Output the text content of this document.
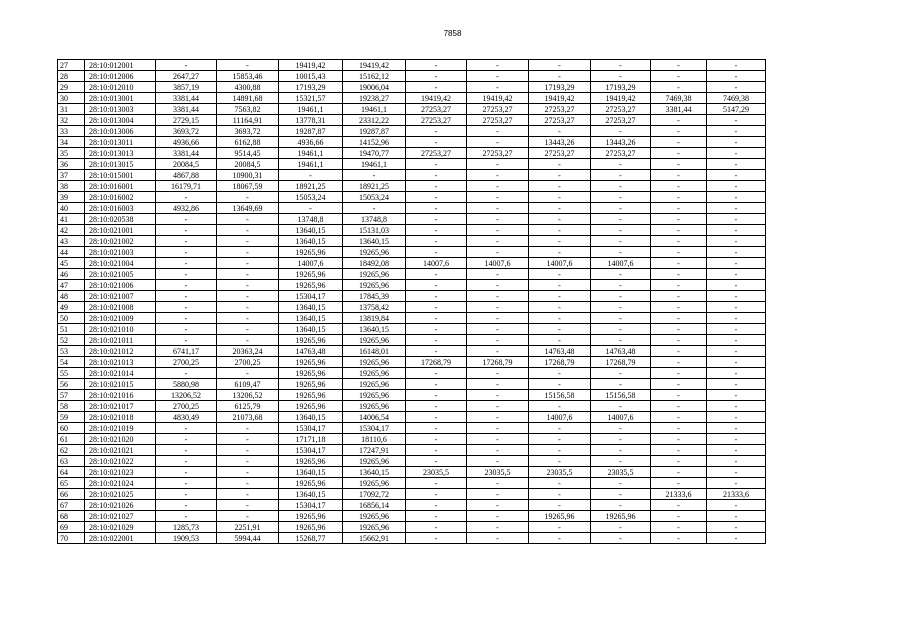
7858
27	28:10:012001	-	-	19419,42	19419,42	-	-	-	-	-	-
28	28:10:012006	2647,27	15853,46	10015,43	15162,12	-	-	-	-	-	-
29	28:10:012010	3857,19	4300,88	17193,29	19006,04	-	-	17193,29	17193,29	-	-
30	28:10:013001	3381,44	14891,68	15321,57	19238,27	19419,42	19419,42	19419,42	19419,42	7469,38	7469,38
31	28:10:013003	3381,44	7563,82	19461,1	19461,1	27253,27	27253,27	27253,27	27253,27	3381,44	5147,29
32	28:10:013004	2729,15	11164,91	13778,31	23312,22	27253,27	27253,27	27253,27	27253,27	-	-
33	28:10:013006	3693,72	3693,72	19287,87	19287,87	-	-	-	-	-	-
34	28:10:013011	4936,66	6162,88	4936,66	14152,96	-	-	13443,26	13443,26	-	-
35	28:10:013013	3381,44	9514,45	19461,1	19470,77	27253,27	27253,27	27253,27	27253,27	-	-
36	28:10:013015	20084,5	20084,5	19461,1	19461,1	-	-	-	-	-	-
37	28:10:015001	4867,88	10900,31	-	-	-	-	-	-	-	-
38	28:10:016001	16179,71	18067,59	18921,25	18921,25	-	-	-	-	-	-
39	28:10:016002	-	-	15053,24	15053,24	-	-	-	-	-	-
40	28:10:016003	4932,86	13649,69	-	-	-	-	-	-	-	-
41	28:10:020538	-	-	13748,8	13748,8	-	-	-	-	-	-
42	28:10:021001	-	-	13640,15	15131,03	-	-	-	-	-	-
43	28:10:021002	-	-	13640,15	13640,15	-	-	-	-	-	-
44	28:10:021003	-	-	19265,96	19265,96	-	-	-	-	-	-
45	28:10:021004	-	-	14007,6	18492,08	14007,6	14007,6	14007,6	14007,6	-	-
46	28:10:021005	-	-	19265,96	19265,96	-	-	-	-	-	-
47	28:10:021006	-	-	19265,96	19265,96	-	-	-	-	-	-
48	28:10:021007	-	-	15304,17	17845,39	-	-	-	-	-	-
49	28:10:021008	-	-	13640,15	13758,42	-	-	-	-	-	-
50	28:10:021009	-	-	13640,15	13819,84	-	-	-	-	-	-
51	28:10:021010	-	-	13640,15	13640,15	-	-	-	-	-	-
52	28:10:021011	-	-	19265,96	19265,96	-	-	-	-	-	-
53	28:10:021012	6741,17	20363,24	14763,48	16148,01	-	-	14763,48	14763,48	-	-
54	28:10:021013	2700,25	2700,25	19265,96	19265,96	17268,79	17268,79	17268,79	17268,79	-	-
55	28:10:021014	-	-	19265,96	19265,96	-	-	-	-	-	-
56	28:10:021015	5880,98	6109,47	19265,96	19265,96	-	-	-	-	-	-
57	28:10:021016	13206,52	13206,52	19265,96	19265,96	-	-	15156,58	15156,58	-	-
58	28:10:021017	2700,25	6125,79	19265,96	19265,96	-	-	-	-	-	-
59	28:10:021018	4830,49	21073,68	13640,15	14006,54	-	-	14007,6	14007,6	-	-
60	28:10:021019	-	-	15304,17	15304,17	-	-	-	-	-	-
61	28:10:021020	-	-	17171,18	18110,6	-	-	-	-	-	-
62	28:10:021021	-	-	15304,17	17247,91	-	-	-	-	-	-
63	28:10:021022	-	-	19265,96	19265,96	-	-	-	-	-	-
64	28:10:021023	-	-	13640,15	13640,15	23035,5	23035,5	23035,5	23035,5	-	-
65	28:10:021024	-	-	19265,96	19265,96	-	-	-	-	-	-
66	28:10:021025	-	-	13640,15	17092,72	-	-	-	-	21333,6	21333,6
67	28:10:021026	-	-	15304,17	16856,14	-	-	-	-	-	-
68	28:10:021027	-	-	19265,96	19265,96	-	-	19265,96	19265,96	-	-
69	28:10:021029	1285,73	2251,91	19265,96	19265,96	-	-	-	-	-	-
70	28:10:022001	1909,53	5994,44	15268,77	15662,91	-	-	-	-	-	-
